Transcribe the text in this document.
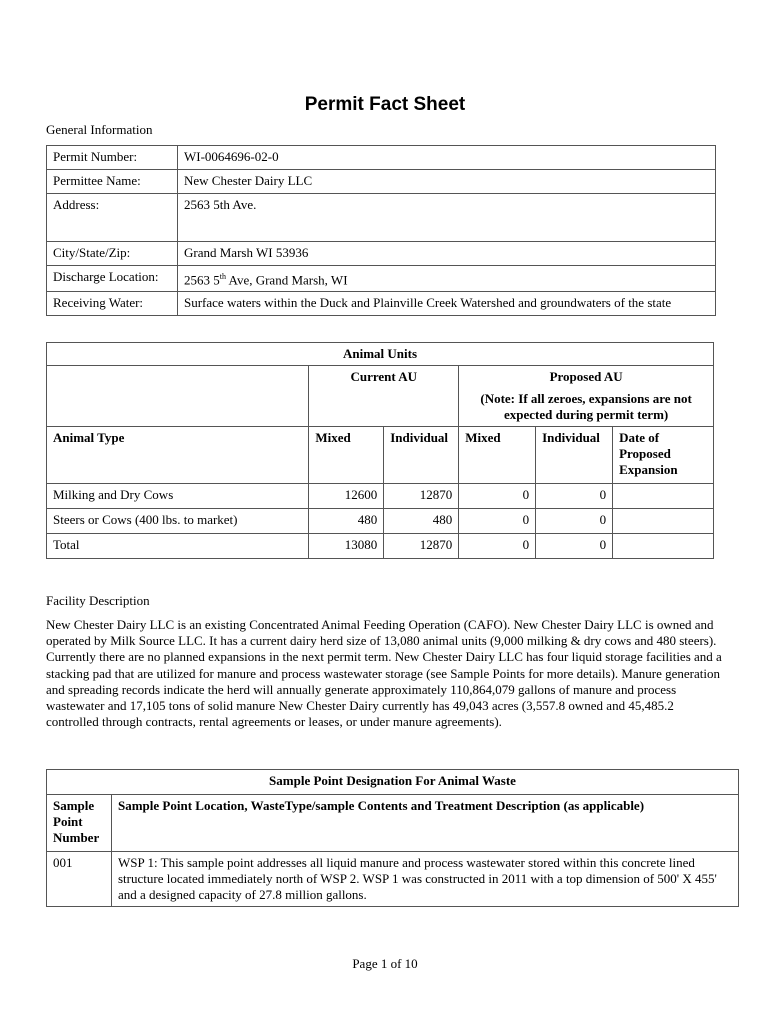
Permit Fact Sheet
General Information
Permit Number:	WI-0064696-02-0
Permittee Name:	New Chester Dairy LLC
Address:	2563 5th Ave.
City/State/Zip:	Grand Marsh WI 53936
Discharge Location:	2563 5th Ave, Grand Marsh, WI
Receiving Water:	Surface waters within the Duck and Plainville Creek Watershed and groundwaters of the state
Animal Units					
	Current AU		Proposed AU
(Note: If all zeroes, expansions are not expected during permit term)		

Animal Type	Mixed	Individual	Mixed	Individual	Date of Proposed Expansion
Milking and Dry Cows	12600	12870	0	0	
Steers or Cows (400 lbs. to market)	480	480	0	0	
Total	13080	12870	0	0	
Facility Description
New Chester Dairy LLC is an existing Concentrated Animal Feeding Operation (CAFO). New Chester Dairy LLC is owned and operated by Milk Source LLC. It has a current dairy herd size of 13,080 animal units (9,000 milking & dry cows and 480 steers). Currently there are no planned expansions in the next permit term. New Chester Dairy LLC has four liquid storage facilities and a stacking pad that are utilized for manure and process wastewater storage (see Sample Points for more details). Manure generation and spreading records indicate the herd will annually generate approximately 110,864,079 gallons of manure and process wastewater and 17,105 tons of solid manure New Chester Dairy currently has 49,043 acres (3,557.8 owned and 45,485.2 controlled through contracts, rental agreements or leases, or under manure agreements).
Sample Point Designation For Animal Waste	
Sample Point Number	Sample Point Location, WasteType/sample Contents and Treatment Description (as applicable)
001	WSP 1: This sample point addresses all liquid manure and process wastewater stored within this concrete lined structure located immediately north of WSP 2. WSP 1 was constructed in 2011 with a top dimension of 500' X 455' and a designed capacity of 27.8 million gallons.
Page 1 of 10
